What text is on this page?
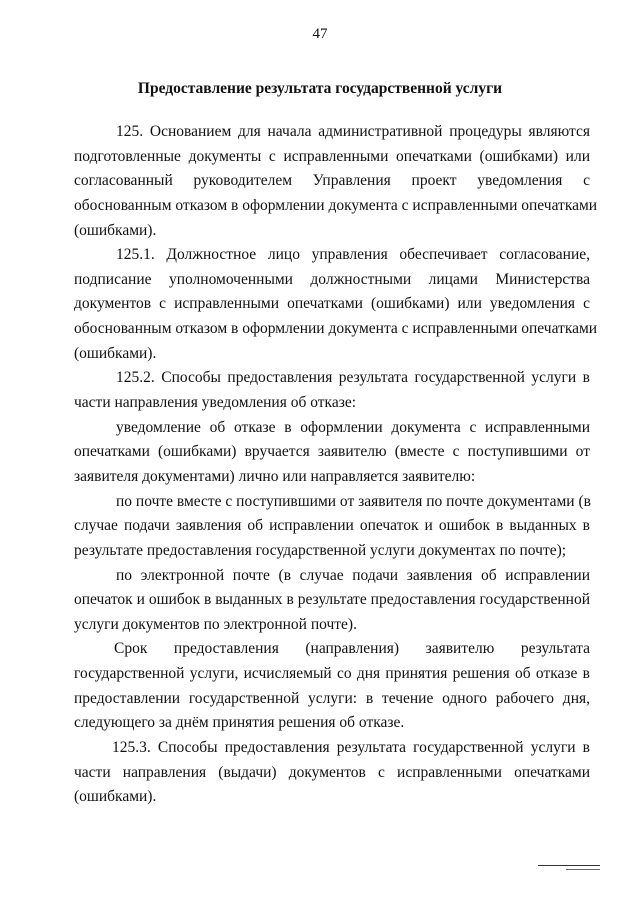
47
Предоставление результата государственной услуги

125. Основанием для начала административной процедуры являются
подготовленные документы с исправленными опечатками (ошибками) или
согласованный руководителем Управления проект уведомления с
обоснованным отказом в оформлении документа с исправленными опечатками
(ошибками).

125.1. Должностное лицо управления обеспечивает согласование,
подписание уполномоченными должностными лицами Министерства
документов с исправленными опечатками (ошибками) или уведомления с
обоснованным отказом в оформлении документа с исправленными опечатками
(ошибками).

125.2. Способы предоставления результата государственной услуги в
части направления уведомления об отказе:

уведомление об отказе в оформлении документа с исправленными
опечатками (ошибками) вручается заявителю (вместе с поступившими от
заявителя документами) лично или направляется заявителю:

по почте вместе с поступившими от заявителя по почте документами (в
случае подачи заявления об исправлении опечаток и ошибок в выданных в
результате предоставления государственной услуги документах по почте);

по электронной почте (в случае подачи заявления об исправлении
опечаток и ошибок в выданных в результате предоставления государственной
услуги документов по электронной почте).

Срок предоставления (направления) заявителю результата
государственной услуги, исчисляемый со дня принятия решения об отказе в
предоставлении государственной услуги: в течение одного рабочего дня,
следующего за днём принятия решения об отказе.

125.3. Способы предоставления результата государственной услуги в
части направления (выдачи) документов с исправленными опечатками
(ошибками).
